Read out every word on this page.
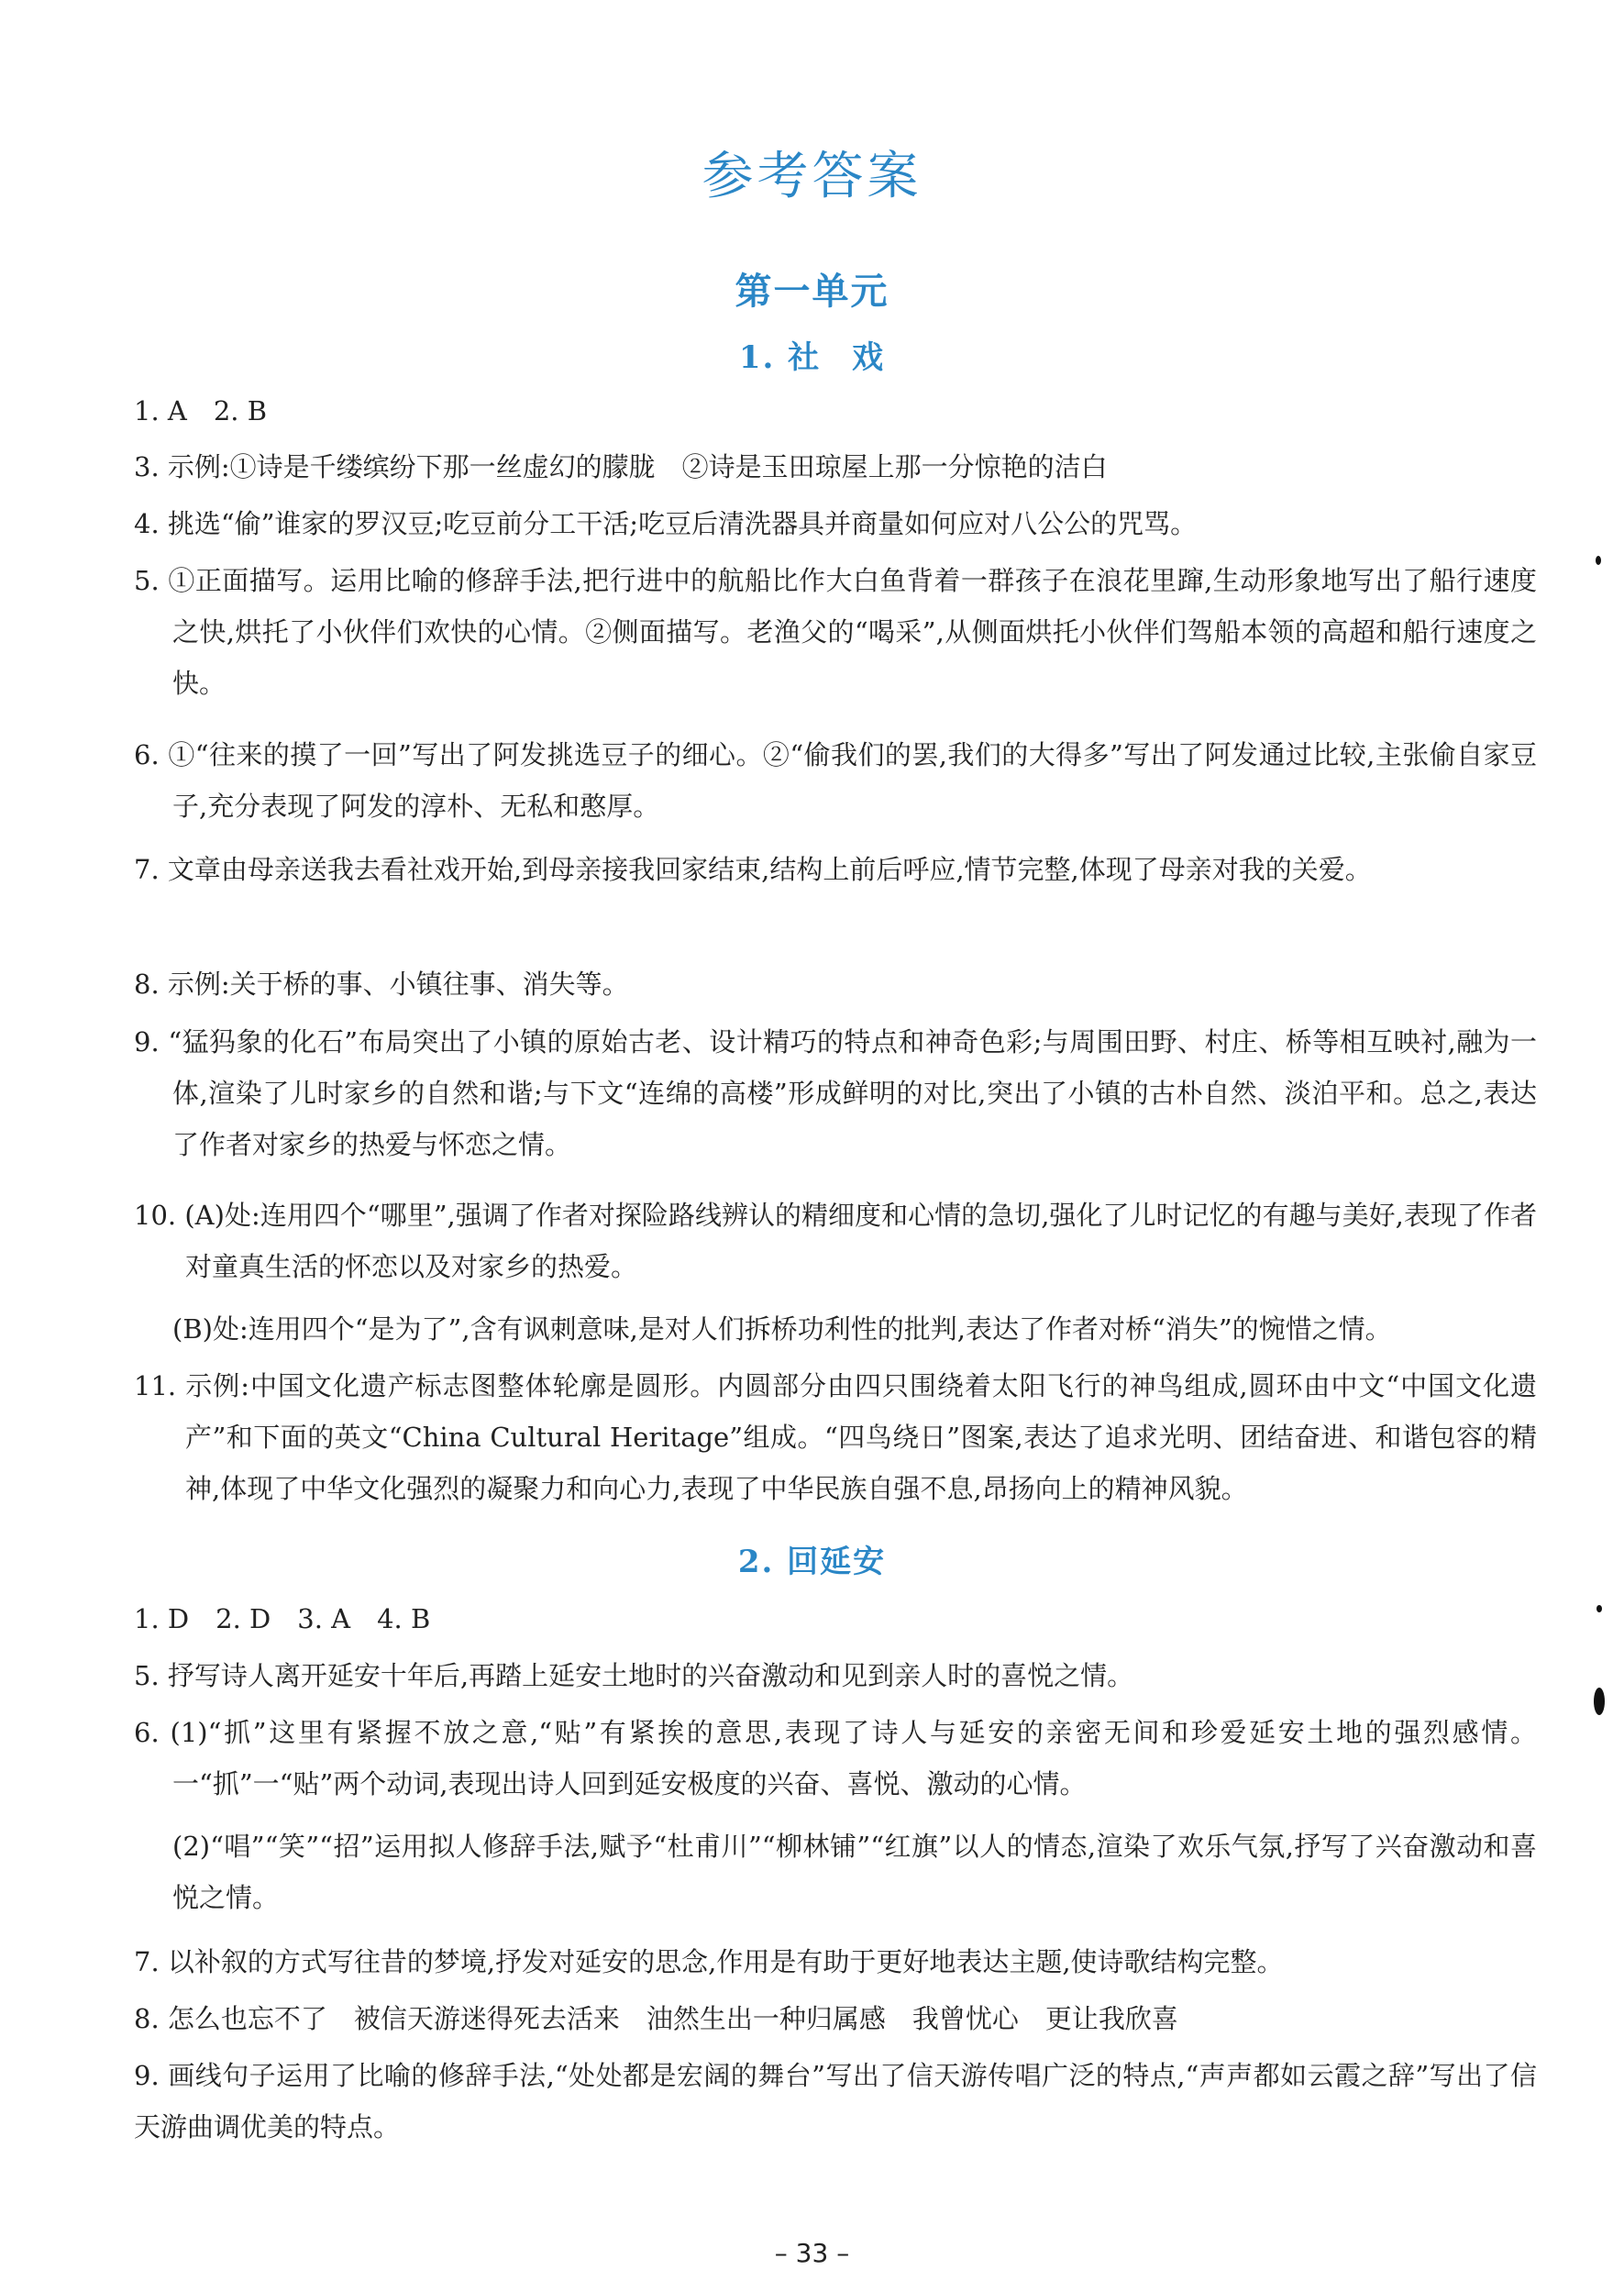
参考答案
第一单元
1. 社 戏

1. A　2. B

3. 示例:①诗是千缕缤纷下那一丝虚幻的朦胧　②诗是玉田琼屋上那一分惊艳的洁白

4. 挑选“偷”谁家的罗汉豆;吃豆前分工干活;吃豆后清洗器具并商量如何应对八公公的咒骂。

5. ①正面描写。运用比喻的修辞手法,把行进中的航船比作大白鱼背着一群孩子在浪花里蹿,生动形象地写出了船行速度之快,烘托了小伙伴们欢快的心情。②侧面描写。老渔父的“喝采”,从侧面烘托小伙伴们驾船本领的高超和船行速度之快。

6. ①“往来的摸了一回”写出了阿发挑选豆子的细心。②“偷我们的罢,我们的大得多”写出了阿发通过比较,主张偷自家豆子,充分表现了阿发的淳朴、无私和憨厚。

7. 文章由母亲送我去看社戏开始,到母亲接我回家结束,结构上前后呼应,情节完整,体现了母亲对我的关爱。

8. 示例:关于桥的事、小镇往事、消失等。

9. “猛犸象的化石”布局突出了小镇的原始古老、设计精巧的特点和神奇色彩;与周围田野、村庄、桥等相互映衬,融为一体,渲染了儿时家乡的自然和谐;与下文“连绵的高楼”形成鲜明的对比,突出了小镇的古朴自然、淡泊平和。总之,表达了作者对家乡的热爱与怀恋之情。

10. (A)处:连用四个“哪里”,强调了作者对探险路线辨认的精细度和心情的急切,强化了儿时记忆的有趣与美好,表现了作者对童真生活的怀恋以及对家乡的热爱。

(B)处:连用四个“是为了”,含有讽刺意味,是对人们拆桥功利性的批判,表达了作者对桥“消失”的惋惜之情。

11. 示例:中国文化遗产标志图整体轮廓是圆形。内圆部分由四只围绕着太阳飞行的神鸟组成,圆环由中文“中国文化遗产”和下面的英文“China Cultural Heritage”组成。“四鸟绕日”图案,表达了追求光明、团结奋进、和谐包容的精神,体现了中华文化强烈的凝聚力和向心力,表现了中华民族自强不息,昂扬向上的精神风貌。

2. 回延安

1. D　2. D　3. A　4. B

5. 抒写诗人离开延安十年后,再踏上延安土地时的兴奋激动和见到亲人时的喜悦之情。

6. (1)“抓”这里有紧握不放之意,“贴”有紧挨的意思,表现了诗人与延安的亲密无间和珍爱延安土地的强烈感情。一“抓”一“贴”两个动词,表现出诗人回到延安极度的兴奋、喜悦、激动的心情。

(2)“唱”“笑”“招”运用拟人修辞手法,赋予“杜甫川”“柳林铺”“红旗”以人的情态,渲染了欢乐气氛,抒写了兴奋激动和喜悦之情。

7. 以补叙的方式写往昔的梦境,抒发对延安的思念,作用是有助于更好地表达主题,使诗歌结构完整。

8. 怎么也忘不了　被信天游迷得死去活来　油然生出一种归属感　我曾忧心　更让我欣喜

9. 画线句子运用了比喻的修辞手法,“处处都是宏阔的舞台”写出了信天游传唱广泛的特点,“声声都如云霞之辞”写出了信天游曲调优美的特点。

– 33 –
